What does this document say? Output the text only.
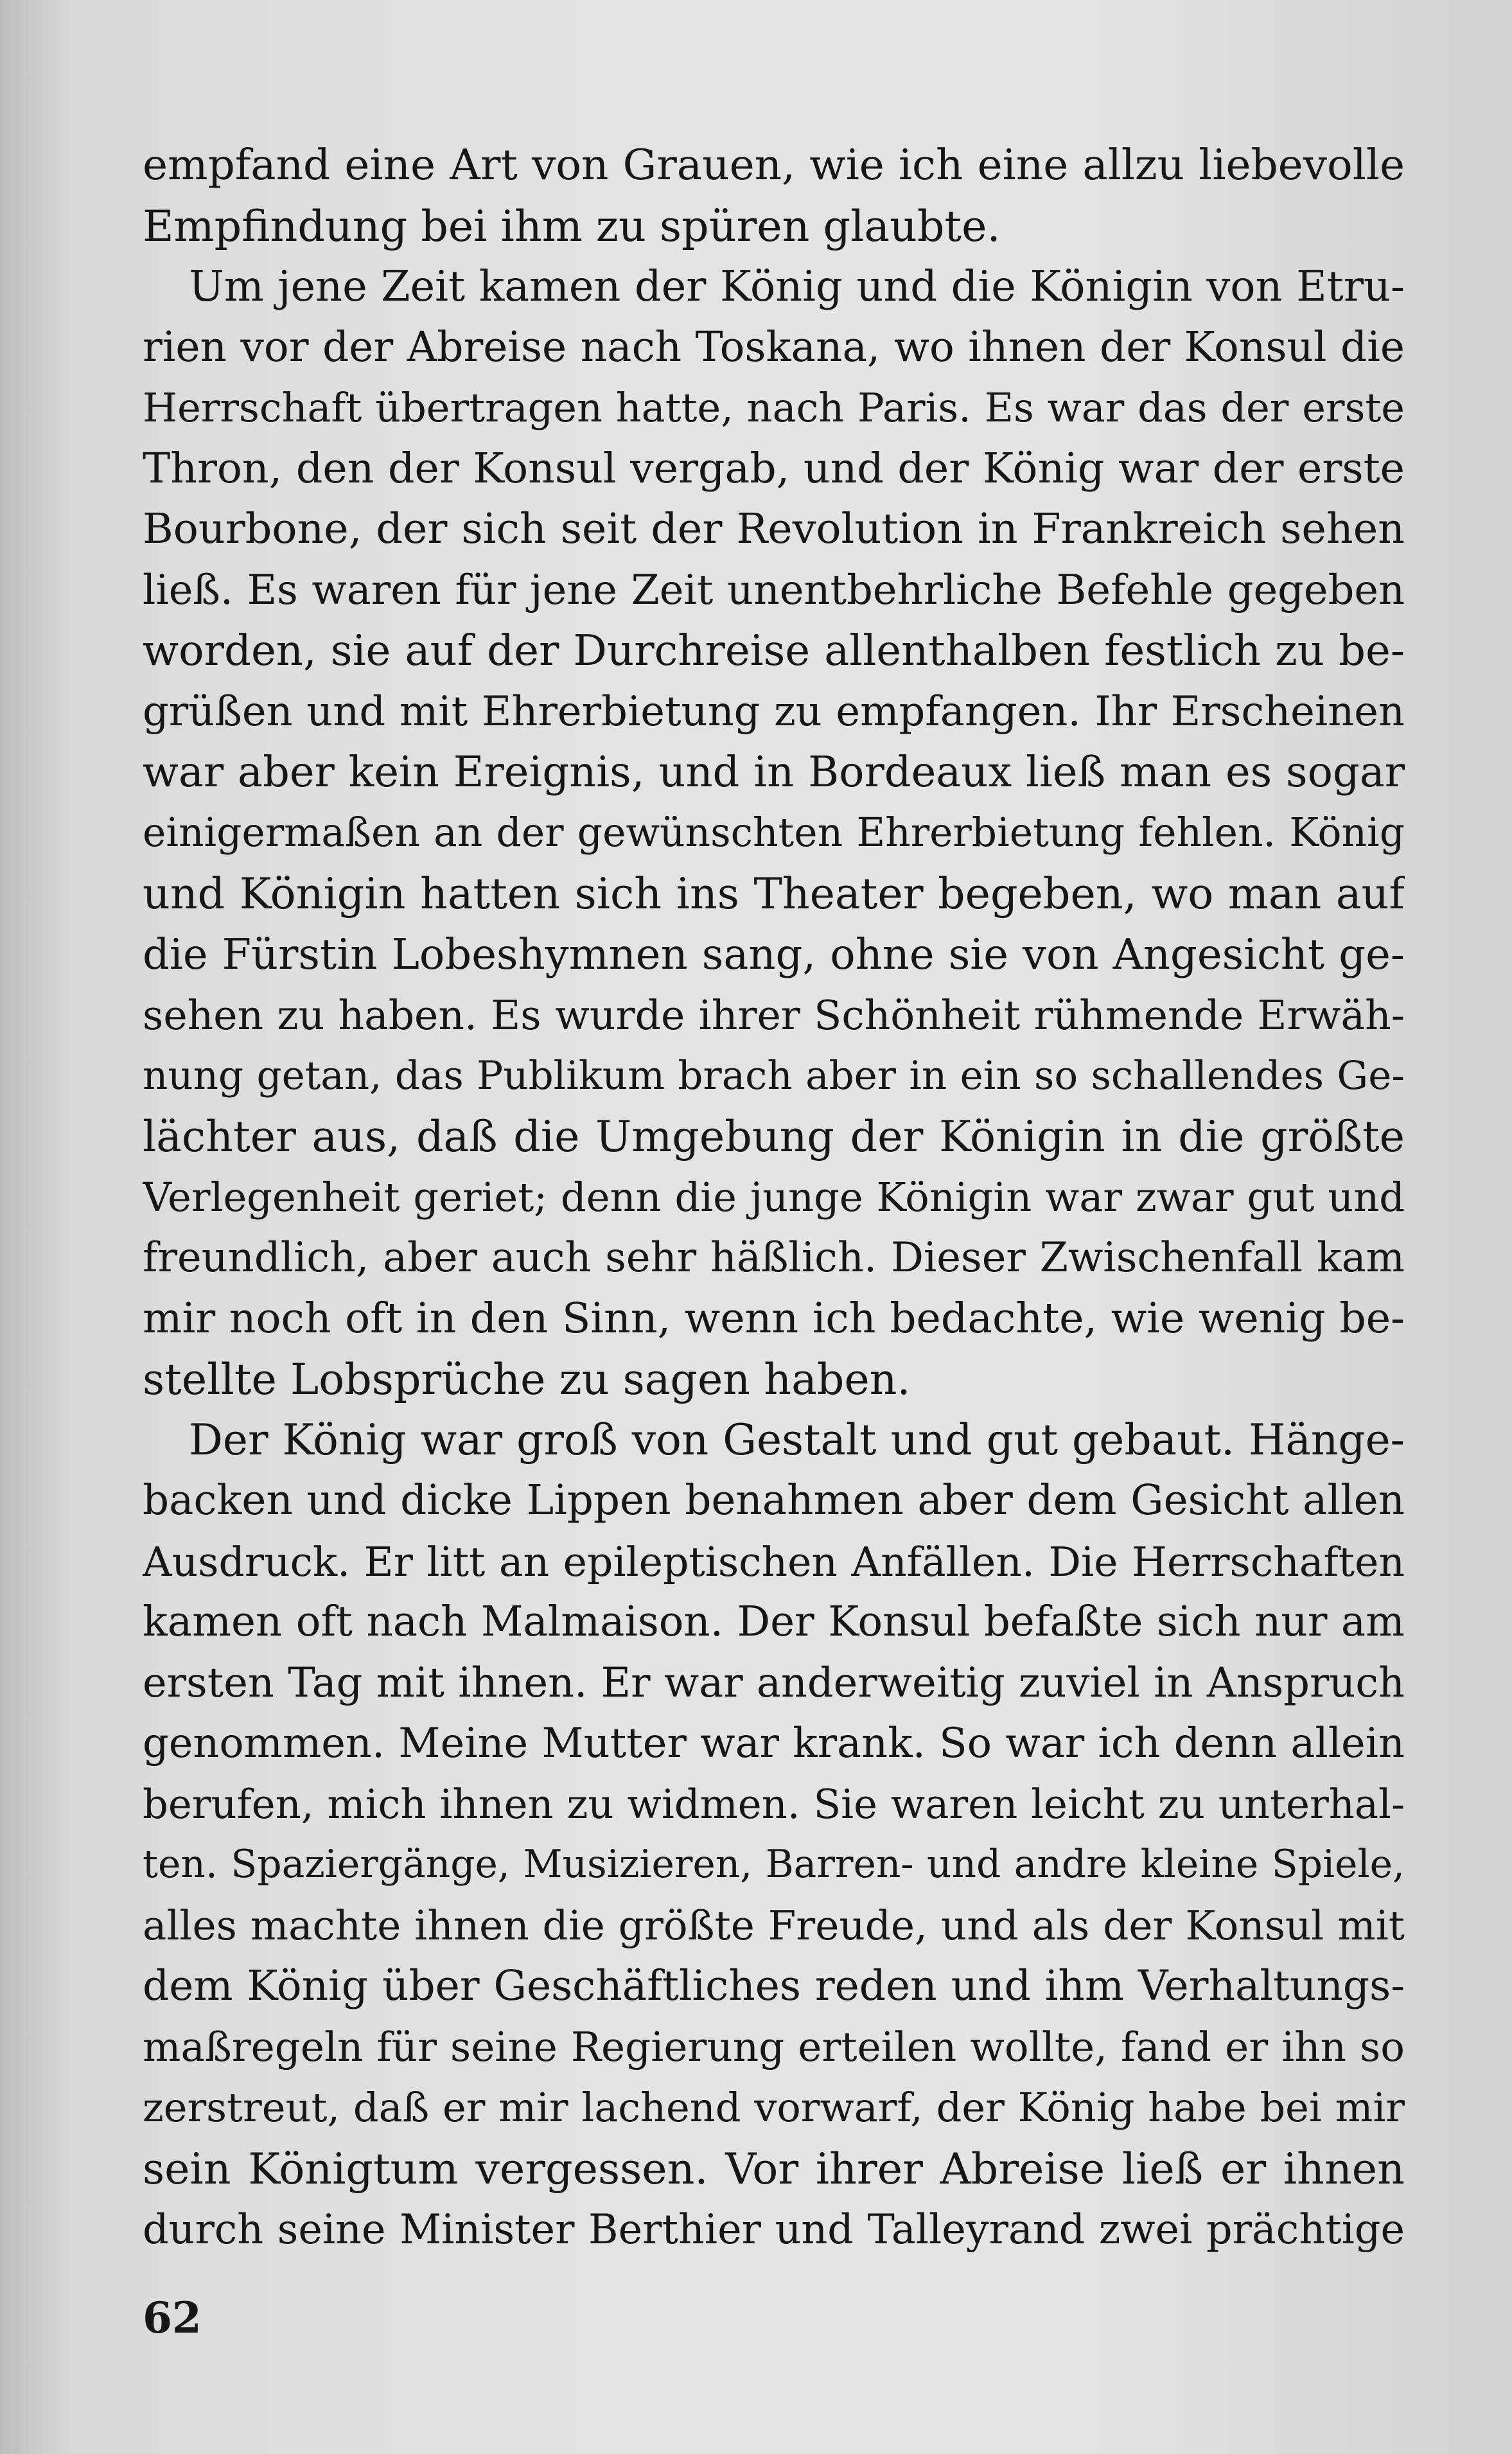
empfand eine Art von Grauen, wie ich eine allzu liebevolle
Empfindung bei ihm zu spüren glaubte.
Um jene Zeit kamen der König und die Königin von Etru-
rien vor der Abreise nach Toskana, wo ihnen der Konsul die
Herrschaft übertragen hatte, nach Paris. Es war das der erste
Thron, den der Konsul vergab, und der König war der erste
Bourbone, der sich seit der Revolution in Frankreich sehen
ließ. Es waren für jene Zeit unentbehrliche Befehle gegeben
worden, sie auf der Durchreise allenthalben festlich zu be-
grüßen und mit Ehrerbietung zu empfangen. Ihr Erscheinen
war aber kein Ereignis, und in Bordeaux ließ man es sogar
einigermaßen an der gewünschten Ehrerbietung fehlen. König
und Königin hatten sich ins Theater begeben, wo man auf
die Fürstin Lobeshymnen sang, ohne sie von Angesicht ge-
sehen zu haben. Es wurde ihrer Schönheit rühmende Erwäh-
nung getan, das Publikum brach aber in ein so schallendes Ge-
lächter aus, daß die Umgebung der Königin in die größte
Verlegenheit geriet; denn die junge Königin war zwar gut und
freundlich, aber auch sehr häßlich. Dieser Zwischenfall kam
mir noch oft in den Sinn, wenn ich bedachte, wie wenig be-
stellte Lobsprüche zu sagen haben.
Der König war groß von Gestalt und gut gebaut. Hänge-
backen und dicke Lippen benahmen aber dem Gesicht allen
Ausdruck. Er litt an epileptischen Anfällen. Die Herrschaften
kamen oft nach Malmaison. Der Konsul befaßte sich nur am
ersten Tag mit ihnen. Er war anderweitig zuviel in Anspruch
genommen. Meine Mutter war krank. So war ich denn allein
berufen, mich ihnen zu widmen. Sie waren leicht zu unterhal-
ten. Spaziergänge, Musizieren, Barren- und andre kleine Spiele,
alles machte ihnen die größte Freude, und als der Konsul mit
dem König über Geschäftliches reden und ihm Verhaltungs-
maßregeln für seine Regierung erteilen wollte, fand er ihn so
zerstreut, daß er mir lachend vorwarf, der König habe bei mir
sein Königtum vergessen. Vor ihrer Abreise ließ er ihnen
durch seine Minister Berthier und Talleyrand zwei prächtige
62
